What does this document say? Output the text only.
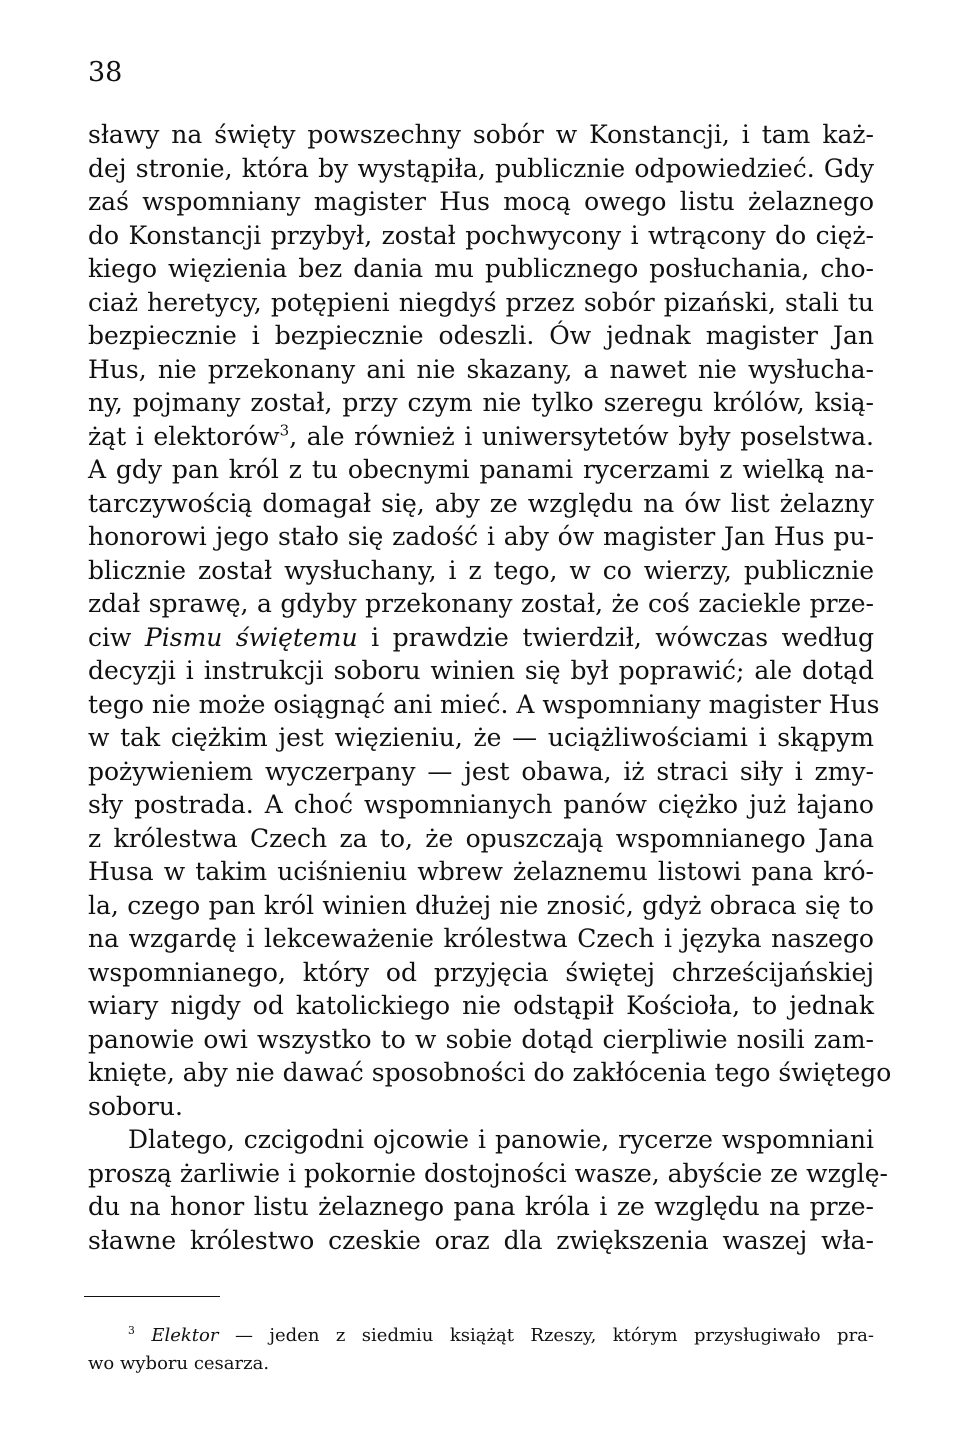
38
sławy na święty powszechny sobór w Konstancji, i tam każ-
dej stronie, która by wystąpiła, publicznie odpowiedzieć. Gdy
zaś wspomniany magister Hus mocą owego listu żelaznego
do Konstancji przybył, został pochwycony i wtrącony do cięż-
kiego więzienia bez dania mu publicznego posłuchania, cho-
ciaż heretycy, potępieni niegdyś przez sobór pizański, stali tu
bezpiecznie i bezpiecznie odeszli. Ów jednak magister Jan
Hus, nie przekonany ani nie skazany, a nawet nie wysłucha-
ny, pojmany został, przy czym nie tylko szeregu królów, ksią-
żąt i elektorów$^3$, ale również i uniwersytetów były poselstwa.
A gdy pan król z tu obecnymi panami rycerzami z wielką na-
tarczywością domagał się, aby ze względu na ów list żelazny
honorowi jego stało się zadość i aby ów magister Jan Hus pu-
blicznie został wysłuchany, i z tego, w co wierzy, publicznie
zdał sprawę, a gdyby przekonany został, że coś zaciekle prze-
ciw Pismu świętemu i prawdzie twierdził, wówczas według
decyzji i instrukcji soboru winien się był poprawić; ale dotąd
tego nie może osiągnąć ani mieć. A wspomniany magister Hus
w tak ciężkim jest więzieniu, że — uciążliwościami i skąpym
pożywieniem wyczerpany — jest obawa, iż straci siły i zmy-
sły postrada. A choć wspomnianych panów ciężko już łajano
z królestwa Czech za to, że opuszczają wspomnianego Jana
Husa w takim uciśnieniu wbrew żelaznemu listowi pana kró-
la, czego pan król winien dłużej nie znosić, gdyż obraca się to
na wzgardę i lekceważenie królestwa Czech i języka naszego
wspomnianego, który od przyjęcia świętej chrześcijańskiej
wiary nigdy od katolickiego nie odstąpił Kościoła, to jednak
panowie owi wszystko to w sobie dotąd cierpliwie nosili zam-
knięte, aby nie dawać sposobności do zakłócenia tego świętego
soboru.
Dlatego, czcigodni ojcowie i panowie, rycerze wspomniani
proszą żarliwie i pokornie dostojności wasze, abyście ze wzglę-
du na honor listu żelaznego pana króla i ze względu na prze-
sławne królestwo czeskie oraz dla zwiększenia waszej wła-
$^3$ Elektor — jeden z siedmiu książąt Rzeszy, którym przysługiwało pra-
wo wyboru cesarza.
